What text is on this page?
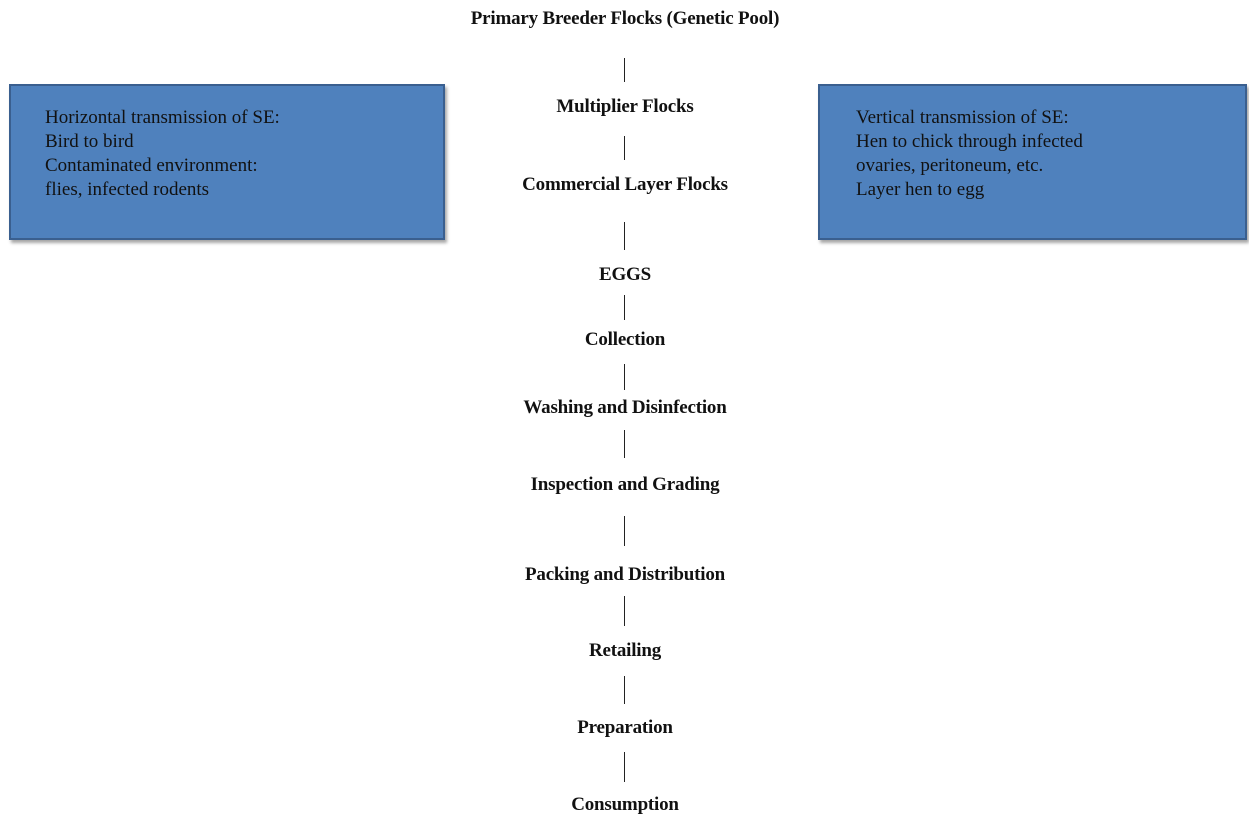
Primary Breeder Flocks (Genetic Pool)
Multiplier Flocks
Commercial Layer Flocks
EGGS
Collection
Washing and Disinfection
Inspection and Grading
Packing and Distribution
Retailing
Preparation
Consumption
Horizontal transmission of SE:
Bird to bird
Contaminated environment:
flies, infected rodents
Vertical transmission of SE:
Hen to chick through infected
ovaries, peritoneum, etc.
Layer hen to egg
